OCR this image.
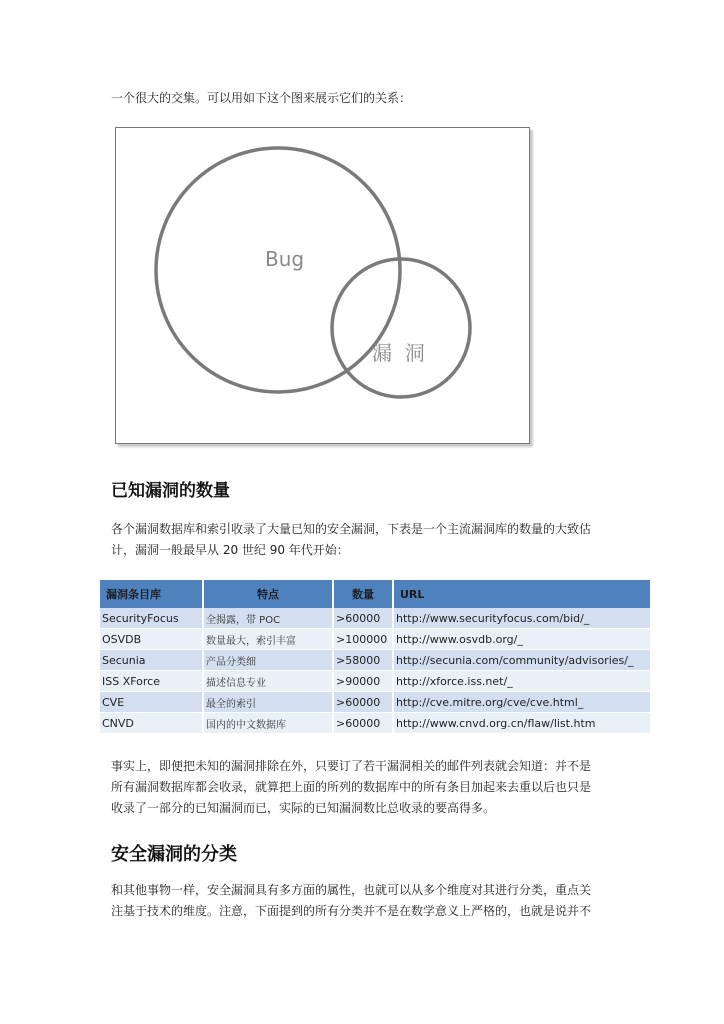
一个很大的交集。可以用如下这个图来展示它们的关系：
Bug
漏  洞
已知漏洞的数量
各个漏洞数据库和索引收录了大量已知的安全漏洞，下表是一个主流漏洞库的数量的大致估
计，漏洞一般最早从 20 世纪 90 年代开始：
漏洞条目库	特点	数量	URL
SecurityFocus	全揭露，带 POC	>60000	http://www.securityfocus.com/bid/_
OSVDB	数量最大，索引丰富	>100000	http://www.osvdb.org/_
Secunia	产品分类细	>58000	http://secunia.com/community/advisories/_
ISS XForce	描述信息专业	>90000	http://xforce.iss.net/_
CVE	最全的索引	>60000	http://cve.mitre.org/cve/cve.html_
CNVD	国内的中文数据库	>60000	http://www.cnvd.org.cn/flaw/list.htm
事实上，即便把未知的漏洞排除在外，只要订了若干漏洞相关的邮件列表就会知道：并不是
所有漏洞数据库都会收录，就算把上面的所列的数据库中的所有条目加起来去重以后也只是
收录了一部分的已知漏洞而已，实际的已知漏洞数比总收录的要高得多。
安全漏洞的分类
和其他事物一样，安全漏洞具有多方面的属性，也就可以从多个维度对其进行分类，重点关
注基于技术的维度。注意，下面提到的所有分类并不是在数学意义上严格的，也就是说并不
